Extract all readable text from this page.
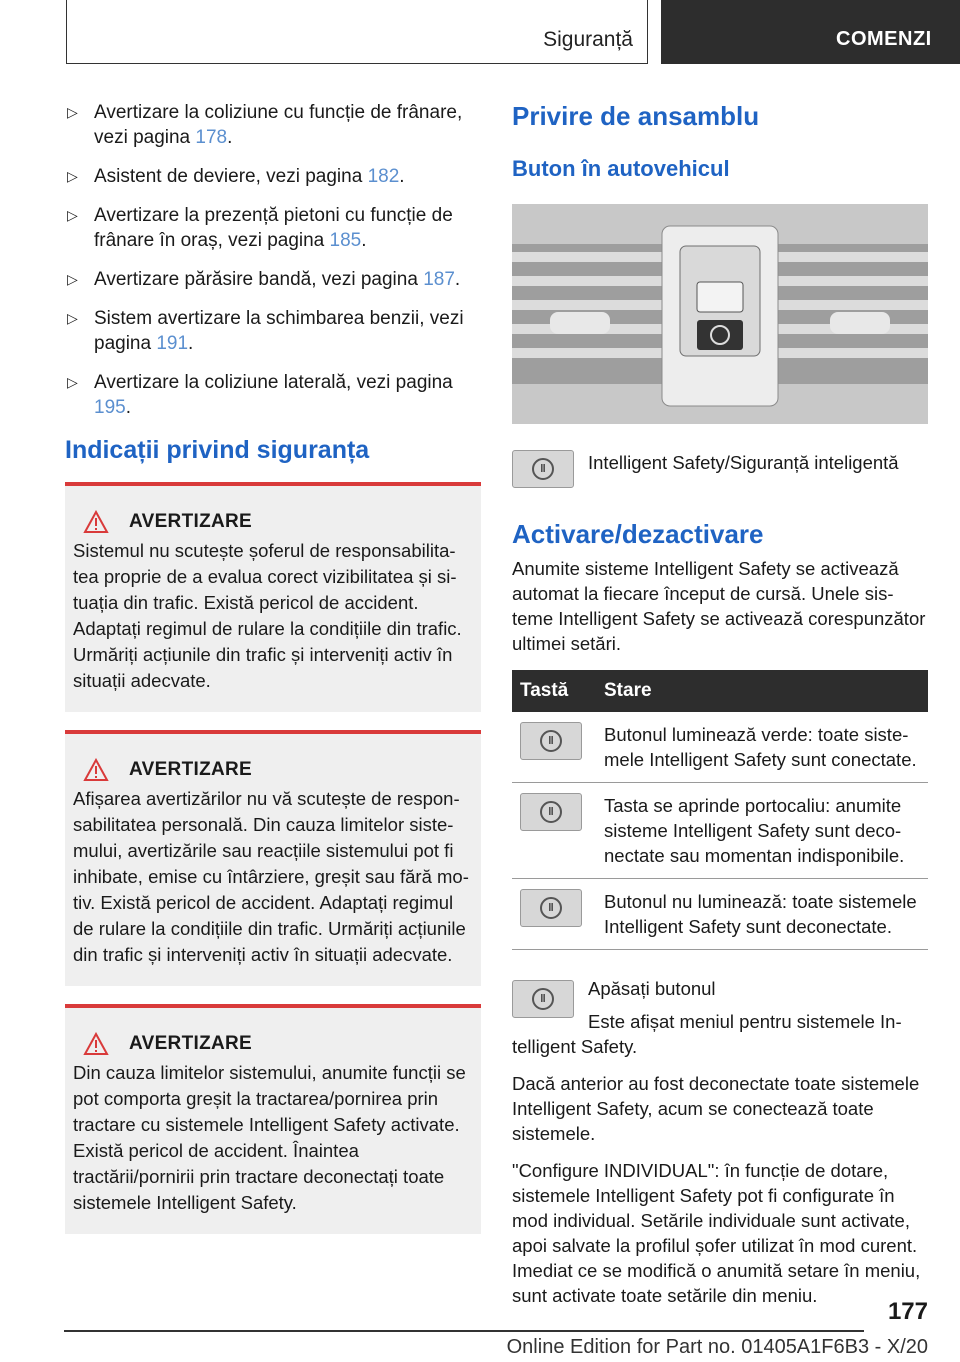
Siguranță	COMENZI
▷ Avertizare la coliziune cu funcție de frânare, vezi pagina 178.
▷ Asistent de deviere, vezi pagina 182.
▷ Avertizare la prezență pietoni cu funcție de frânare în oraș, vezi pagina 185.
▷ Avertizare părăsire bandă, vezi pagina 187.
▷ Sistem avertizare la schimbarea benzii, vezi pagina 191.
▷ Avertizare la coliziune laterală, vezi pagina 195.
Indicații privind siguranța
AVERTIZARE
Sistemul nu scutește șoferul de responsabilitatea proprie de a evalua corect vizibilitatea și situația din trafic. Există pericol de accident. Adaptați regimul de rulare la condițiile din trafic. Urmăriți acțiunile din trafic și interveniți activ în situații adecvate.
AVERTIZARE
Afișarea avertizărilor nu vă scutește de responsabilitatea personală. Din cauza limitelor sistemului, avertizările sau reacțiile sistemului pot fi inhibate, emise cu întârziere, greșit sau fără motiv. Există pericol de accident. Adaptați regimul de rulare la condițiile din trafic. Urmăriți acțiunile din trafic și interveniți activ în situații adecvate.
AVERTIZARE
Din cauza limitelor sistemului, anumite funcții se pot comporta greșit la tractarea/pornirea prin tractare cu sistemele Intelligent Safety activate. Există pericol de accident. Înaintea tractării/pornirii prin tractare deconectați toate sistemele Intelligent Safety.
Privire de ansamblu
Buton în autovehicul
ǁ	Intelligent Safety/Siguranță inteligentă
Activare/dezactivare

Anumite sisteme Intelligent Safety se activează automat la fiecare început de cursă. Unele sisteme Intelligent Safety se activează corespunzător ultimei setări.

Tastă	Stare

ǁ	Butonul luminează verde: toate sistemele Intelligent Safety sunt conectate.

ǁ	Tasta se aprinde portocaliu: anumite sisteme Intelligent Safety sunt deconectate sau momentan indisponibile.

ǁ	Butonul nu luminează: toate sistemele Intelligent Safety sunt deconectate.
ǁ	Apăsați butonul

Este afișat meniul pentru sistemele Intelligent Safety.

Dacă anterior au fost deconectate toate sistemele Intelligent Safety, acum se conectează toate sistemele.

"Configure INDIVIDUAL": în funcție de dotare, sistemele Intelligent Safety pot fi configurate în mod individual. Setările individuale sunt activate, apoi salvate la profilul șofer utilizat în mod curent. Imediat ce se modifică o anumită setare în meniu, sunt activate toate setările din meniu.

177
Online Edition for Part no. 01405A1F6B3 - X/20
